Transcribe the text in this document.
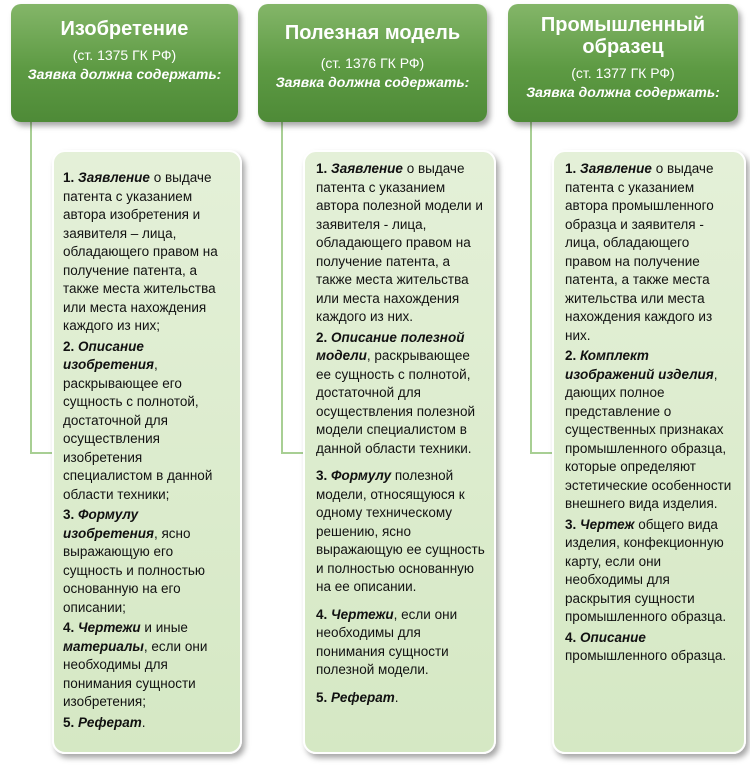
Изобретение
(ст. 1375 ГК РФ)
Заявка должна содержать:

1. Заявление о выдаче патента с указанием автора изобретения и заявителя – лица, обладающего правом на получение патента, а также места жительства или места нахождения каждого из них;

2. Описание изобретения, раскрывающее его сущность с полнотой, достаточной для осуществления изобретения специалистом в данной области техники;

3. Формулу изобретения, ясно выражающую его сущность и полностью основанную на его описании;

4. Чертежи и иные материалы, если они необходимы для понимания сущности изобретения;

5. Реферат.

Полезная модель
(ст. 1376 ГК РФ)
Заявка должна содержать:

1. Заявление о выдаче патента с указанием автора полезной модели и заявителя - лица, обладающего правом на получение патента, а также места жительства или места нахождения каждого из них.

2. Описание полезной модели, раскрывающее ее сущность с полнотой, достаточной для осуществления полезной модели специалистом в данной области техники.

3. Формулу полезной модели, относящуюся к одному техническому решению, ясно выражающую ее сущность и полностью основанную на ее описании.

4. Чертежи, если они необходимы для понимания сущности полезной модели.

5. Реферат.

Промышленный образец
(ст. 1377 ГК РФ)
Заявка должна содержать:

1. Заявление о выдаче патента с указанием автора промышленного образца и заявителя - лица, обладающего правом на получение патента, а также места жительства или места нахождения каждого из них.

2. Комплект изображений изделия, дающих полное представление о существенных признаках промышленного образца, которые определяют эстетические особенности внешнего вида изделия.

3. Чертеж общего вида изделия, конфекционную карту, если они необходимы для раскрытия сущности промышленного образца.

4. Описание промышленного образца.
